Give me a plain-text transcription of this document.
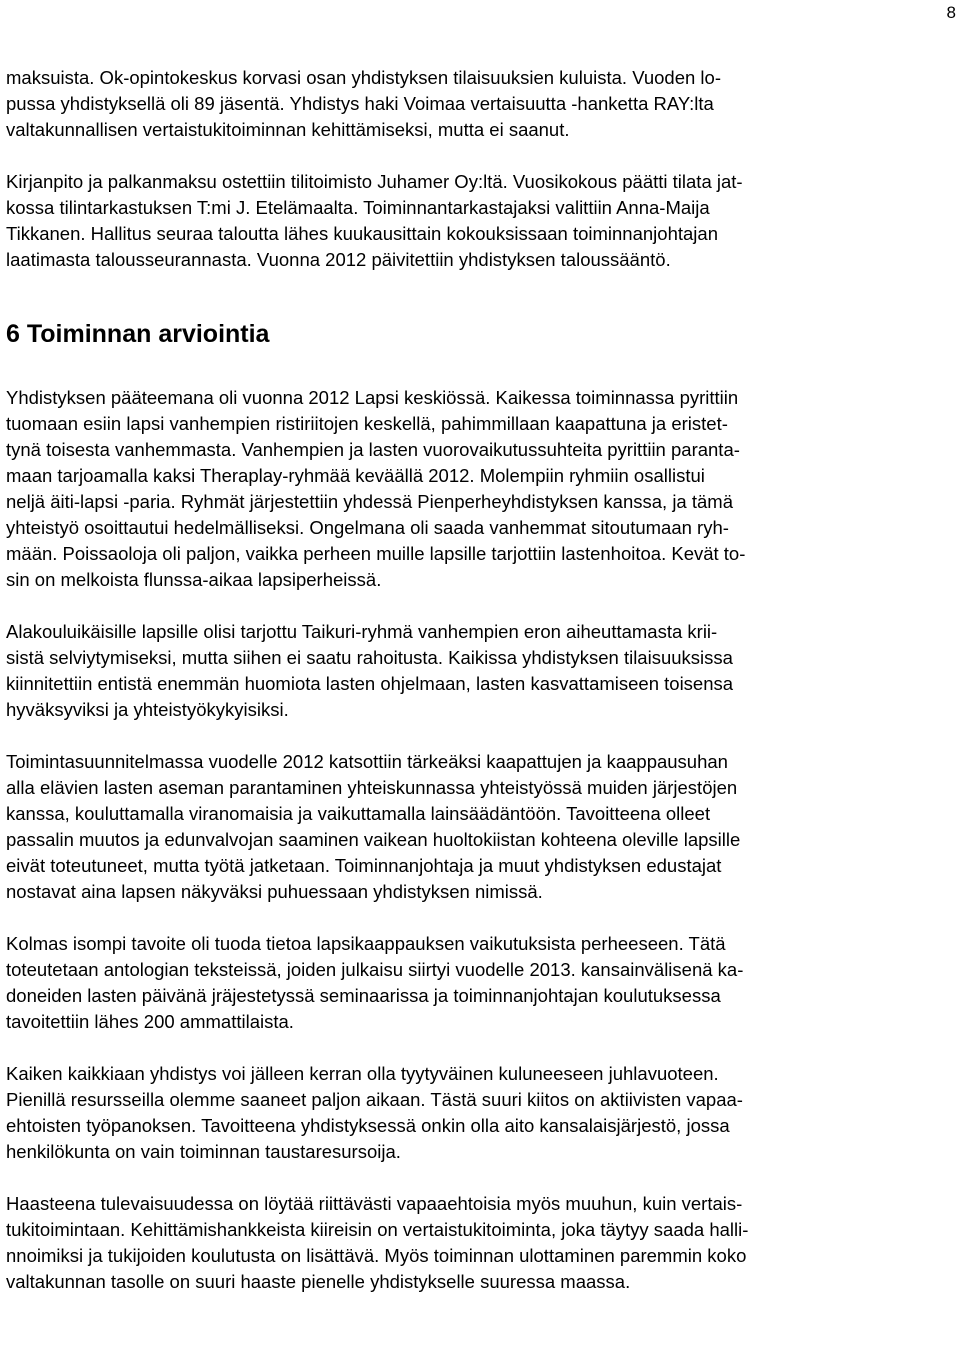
8

maksuista. Ok-opintokeskus korvasi osan yhdistyksen tilaisuuksien kuluista. Vuoden lo-
pussa yhdistyksellä oli 89 jäsentä. Yhdistys haki Voimaa vertaisuutta -hanketta RAY:lta
valtakunnallisen vertaistukitoiminnan kehittämiseksi, mutta ei saanut.

Kirjanpito ja palkanmaksu ostettiin tilitoimisto Juhamer Oy:ltä. Vuosikokous päätti tilata jat-
kossa tilintarkastuksen T:mi J. Etelämaalta. Toiminnantarkastajaksi valittiin Anna-Maija
Tikkanen. Hallitus seuraa taloutta lähes kuukausittain kokouksissaan toiminnanjohtajan
laatimasta talousseurannasta. Vuonna 2012 päivitettiin yhdistyksen taloussääntö.

6 Toiminnan arviointia

Yhdistyksen pääteemana oli vuonna 2012 Lapsi keskiössä. Kaikessa toiminnassa pyrittiin
tuomaan esiin lapsi vanhempien ristiriitojen keskellä, pahimmillaan kaapattuna ja eristet-
tynä toisesta vanhemmasta. Vanhempien ja lasten vuorovaikutussuhteita pyrittiin paranta-
maan tarjoamalla kaksi Theraplay-ryhmää keväällä 2012. Molempiin ryhmiin osallistui
neljä äiti-lapsi -paria. Ryhmät järjestettiin yhdessä Pienperheyhdistyksen kanssa, ja tämä
yhteistyö osoittautui hedelmälliseksi. Ongelmana oli saada vanhemmat sitoutumaan ryh-
mään. Poissaoloja oli paljon, vaikka perheen muille lapsille tarjottiin lastenhoitoa. Kevät to-
sin on melkoista flunssa-aikaa lapsiperheissä.

Alakouluikäisille lapsille olisi tarjottu Taikuri-ryhmä vanhempien eron aiheuttamasta krii-
sistä selviytymiseksi, mutta siihen ei saatu rahoitusta. Kaikissa yhdistyksen tilaisuuksissa
kiinnitettiin entistä enemmän huomiota lasten ohjelmaan, lasten kasvattamiseen toisensa
hyväksyviksi ja yhteistyökykyisiksi.

Toimintasuunnitelmassa vuodelle 2012 katsottiin tärkeäksi kaapattujen ja kaappausuhan
alla elävien lasten aseman parantaminen yhteiskunnassa yhteistyössä muiden järjestöjen
kanssa, kouluttamalla viranomaisia ja vaikuttamalla lainsäädäntöön. Tavoitteena olleet
passalin muutos ja edunvalvojan saaminen vaikean huoltokiistan kohteena oleville lapsille
eivät toteutuneet, mutta työtä jatketaan. Toiminnanjohtaja ja muut yhdistyksen edustajat
nostavat aina lapsen näkyväksi puhuessaan yhdistyksen nimissä.

Kolmas isompi tavoite oli tuoda tietoa lapsikaappauksen vaikutuksista perheeseen. Tätä
toteutetaan antologian teksteissä, joiden julkaisu siirtyi vuodelle 2013. kansainvälisenä ka-
doneiden lasten päivänä jräjestetyssä seminaarissa ja toiminnanjohtajan koulutuksessa
tavoitettiin lähes 200 ammattilaista.

Kaiken kaikkiaan yhdistys voi jälleen kerran olla tyytyväinen kuluneeseen juhlavuoteen.
Pienillä resursseilla olemme saaneet paljon aikaan. Tästä suuri kiitos on aktiivisten vapaa-
ehtoisten työpanoksen. Tavoitteena yhdistyksessä onkin olla aito kansalaisjärjestö, jossa
henkilökunta on vain toiminnan taustaresursoija.

Haasteena tulevaisuudessa on löytää riittävästi vapaaehtoisia myös muuhun, kuin vertais-
tukitoimintaan. Kehittämishankkeista kiireisin on vertaistukitoiminta, joka täytyy saada halli-
nnoimiksi ja tukijoiden koulutusta on lisättävä. Myös toiminnan ulottaminen paremmin koko
valtakunnan tasolle on suuri haaste pienelle yhdistykselle suuressa maassa.
